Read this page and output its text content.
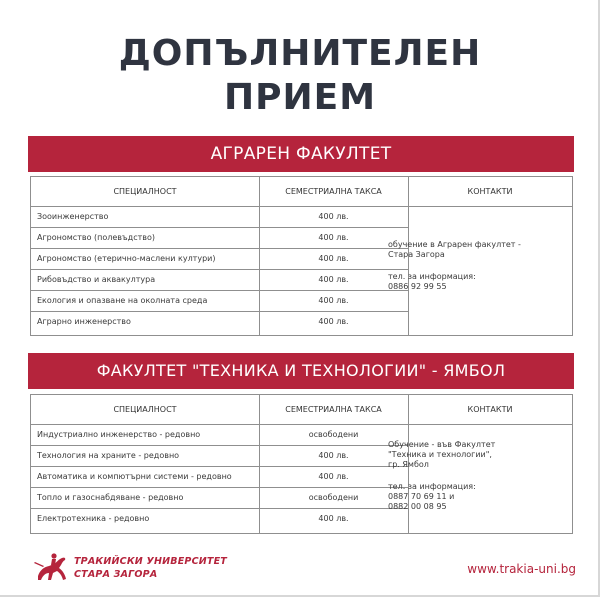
ДОПЪЛНИТЕЛЕН
ПРИЕМ
АГРАРЕН ФАКУЛТЕТ
СПЕЦИАЛНОСТ	СЕМЕСТРИАЛНА ТАКСА	КОНТАКТИ
Зооинженерство	400 лв.
Агрономство (полевъдство)	400 лв.
Агрономство (етерично-маслени култури)	400 лв.
Рибовъдство и аквакултура	400 лв.
Екология и опазване на околната среда	400 лв.
Аграрно инженерство	400 лв.

обучение в Аграрен факултет -

Стара Загора

тел. за информация:

0886 92 99 55

ФАКУЛТЕТ "ТЕХНИКА И ТЕХНОЛОГИИ" - ЯМБОЛ
СПЕЦИАЛНОСТ	СЕМЕСТРИАЛНА ТАКСА	КОНТАКТИ
Индустриално инженерство - редовно	освободени
Технология на храните - редовно	400 лв.
Автоматика и компютърни системи - редовно	400 лв.
Топло и газоснабдяване - редовно	освободени
Електротехника - редовно	400 лв.

Обучение - във Факултет

"Техника и технологии",

гр. Ямбол

тел. за информация:

0887 70 69 11 и

0882 00 08 95

ТРАКИЙСКИ УНИВЕРСИТЕТ
СТАРА ЗАГОРА	www.trakia-uni.bg
